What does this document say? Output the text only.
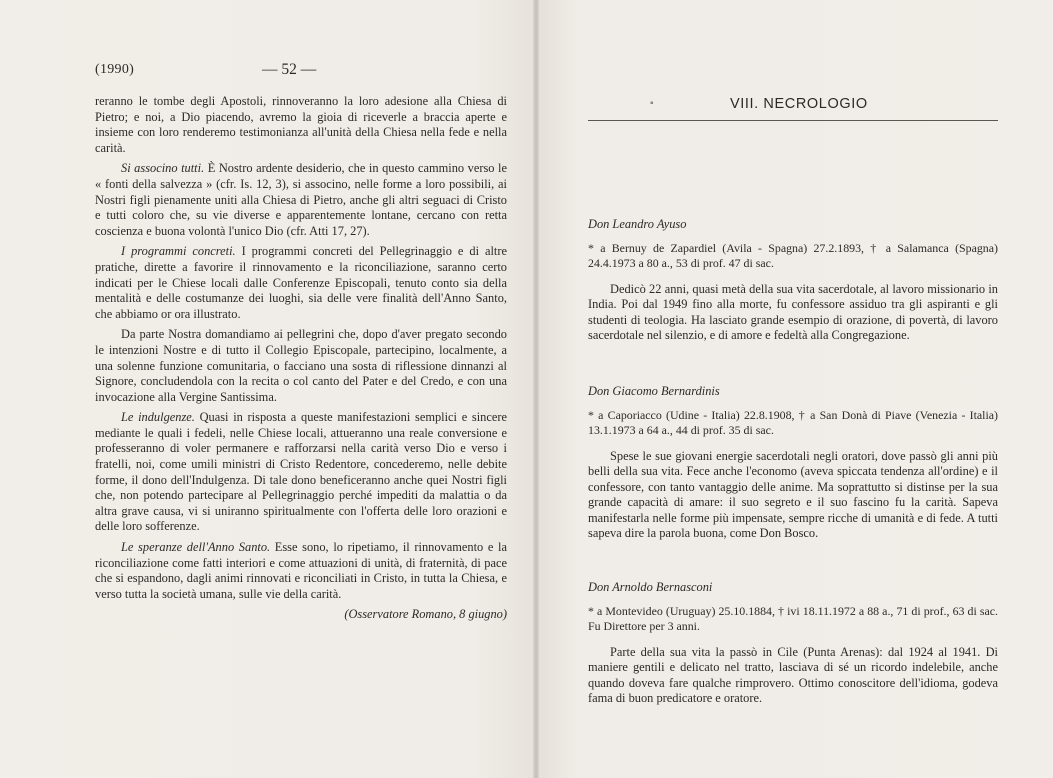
(1990)	— 52 —

reranno le tombe degli Apostoli, rinnoveranno la loro adesione alla Chiesa di Pietro; e noi, a Dio piacendo, avremo la gioia di riceverle a braccia aperte e insieme con loro renderemo testimonianza all'unità della Chiesa nella fede e nella carità.

Si associno tutti. È Nostro ardente desiderio, che in questo cammino verso le « fonti della salvezza » (cfr. Is. 12, 3), si associno, nelle forme a loro possibili, ai Nostri figli pienamente uniti alla Chiesa di Pietro, anche gli altri seguaci di Cristo e tutti coloro che, su vie diverse e apparentemente lontane, cercano con retta coscienza e buona volontà l'unico Dio (cfr. Atti 17, 27).

I programmi concreti. I programmi concreti del Pellegrinaggio e di altre pratiche, dirette a favorire il rinnovamento e la riconciliazione, saranno certo indicati per le Chiese locali dalle Conferenze Episcopali, tenuto conto sia della mentalità e delle costumanze dei luoghi, sia delle vere finalità dell'Anno Santo, che abbiamo or ora illustrato.

Da parte Nostra domandiamo ai pellegrini che, dopo d'aver pregato secondo le intenzioni Nostre e di tutto il Collegio Episcopale, partecipino, localmente, a una solenne funzione comunitaria, o facciano una sosta di riflessione dinnanzi al Signore, concludendola con la recita o col canto del Pater e del Credo, e con una invocazione alla Vergine Santissima.

Le indulgenze. Quasi in risposta a queste manifestazioni semplici e sincere mediante le quali i fedeli, nelle Chiese locali, attueranno una reale conversione e professeranno di voler permanere e rafforzarsi nella carità verso Dio e verso i fratelli, noi, come umili ministri di Cristo Redentore, concederemo, nelle debite forme, il dono dell'Indulgenza. Di tale dono beneficeranno anche quei Nostri figli che, non potendo partecipare al Pellegrinaggio perché impediti da malattia o da altra grave causa, vi si uniranno spiritualmente con l'offerta delle loro orazioni e delle loro sofferenze.

Le speranze dell'Anno Santo. Esse sono, lo ripetiamo, il rinnovamento e la riconciliazione come fatti interiori e come attuazioni di unità, di fraternità, di pace che si espandono, dagli animi rinnovati e riconciliati in Cristo, in tutta la Chiesa, e verso tutta la società umana, sulle vie della carità.

(Osservatore Romano, 8 giugno)
▪	VIII. NECROLOGIO
Don Leandro Ayuso
* a Bernuy de Zapardiel (Avila - Spagna) 27.2.1893, † a Salamanca (Spagna) 24.4.1973 a 80 a., 53 di prof. 47 di sac.
Dedicò 22 anni, quasi metà della sua vita sacerdotale, al lavoro missionario in India. Poi dal 1949 fino alla morte, fu confessore assiduo tra gli aspiranti e gli studenti di teologia. Ha lasciato grande esempio di orazione, di povertà, di lavoro sacerdotale nel silenzio, e di amore e fedeltà alla Congregazione.
Don Giacomo Bernardinis
* a Caporiacco (Udine - Italia) 22.8.1908, † a San Donà di Piave (Venezia - Italia) 13.1.1973 a 64 a., 44 di prof. 35 di sac.
Spese le sue giovani energie sacerdotali negli oratori, dove passò gli anni più belli della sua vita. Fece anche l'economo (aveva spiccata tendenza all'ordine) e il confessore, con tanto vantaggio delle anime. Ma soprattutto si distinse per la sua grande capacità di amare: il suo segreto e il suo fascino fu la carità. Sapeva manifestarla nelle forme più impensate, sempre ricche di umanità e di fede. A tutti sapeva dire la parola buona, come Don Bosco.
Don Arnoldo Bernasconi
* a Montevideo (Uruguay) 25.10.1884, † ivi 18.11.1972 a 88 a., 71 di prof., 63 di sac. Fu Direttore per 3 anni.
Parte della sua vita la passò in Cile (Punta Arenas): dal 1924 al 1941. Di maniere gentili e delicato nel tratto, lasciava di sé un ricordo indelebile, anche quando doveva fare qualche rimprovero. Ottimo conoscitore dell'idioma, godeva fama di buon predicatore e oratore.
